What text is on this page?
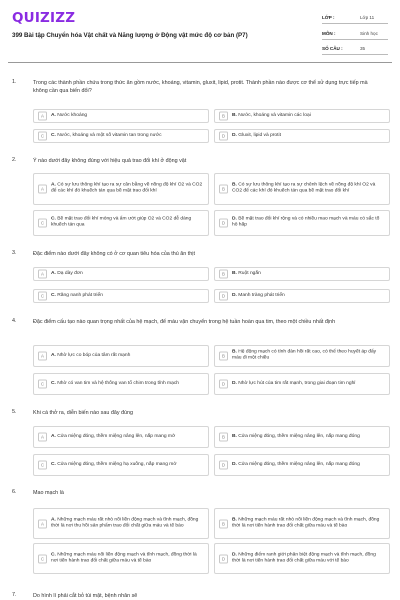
QUIZIZZ
399 Bài tập Chuyển hóa Vật chất và Năng lượng ở Động vật mức độ cơ bản (P7)
LỚP :	Lớp 11
MÔN :	Sinh học
SỐ CÂU :	35
1.	Trong các thành phần chứa trong thức ăn gồm nước, khoáng, vitamin, gluxit, lipid, protit. Thành phần nào được cơ thể sử dụng trực tiếp mà không cần qua biến đổi?
A	A. Nước khoáng	B	B. Nước, khoáng và vitamin các loại
C	C. Nước, khoáng và một số vitamin tan trong nước	D	D. Gluxit, lipid và protit
2.	Ý nào dưới đây không đúng với hiệu quả trao đổi khí ở động vật
A
A. Có sự lưu thông khí tạo ra sự cân bằng về nồng độ khí O2 và CO2 để các khí đó khuếch tán qua bề mặt trao đổi khí	B
B. Có sự lưu thông khí tạo ra sự chênh lệch về nồng độ khí O2 và CO2 để các khí đó khuếch tán qua bề mặt trao đổi khí
C
C. Bề mặt trao đổi khí mỏng và ẩm ướt giúp O2 và CO2 dễ dàng khuếch tán qua	D
D. Bề mặt trao đổi khí rộng và có nhiều mao mạch và máu có sắc tố hô hấp
3.	Đặc điểm nào dưới đây không có ở cơ quan tiêu hóa của thú ăn thịt
A	A. Dạ dày đơn	B	B. Ruột ngắn
C	C. Răng nanh phát triển	D	D. Manh tràng phát triển
4.	Đặc điểm cấu tạo nào quan trọng nhất của hệ mạch, để máu vận chuyển trong hệ tuần hoàn qua tim, theo một chiều nhất định
A	A. Nhờ lực co bóp của tâm rất mạnh	B
B. Hệ động mạch có tính đàn hồi rất cao, có thể theo huyết áp đẩy máu đi một chiều
C	C. Nhờ có van tim và hệ thống van tổ chim trong tĩnh mạch	D	D. Nhờ lực hút của tim rất mạnh, trong giai đoạn tim nghỉ
5.	Khi cá thở ra, diễn biến nào sau đây đúng
A	A. Cửa miệng đóng, thềm miệng nâng lên, nắp mang mở	B	B. Cửa miệng đóng, thềm miệng nâng lên, nắp mang đóng
C	C. Cửa miệng đóng, thềm miệng hạ xuống, nắp mang mở	D	D. Cửa miệng đóng, thềm miệng nâng lên, nắp mang đóng
6.	Mao mạch là
A
A. Những mạch máu rất nhỏ nối liền động mạch và tĩnh mạch, đồng thời là nơi thu hồi sản phẩm trao đổi chất giữa máu và tế bào	B
B. Những mạch máu rất nhỏ nối liền động mạch và tĩnh mạch, đồng thời là nơi tiến hành trao đổi chất giữa máu và tế bào
C
C. Những mạch máu nối liền động mạch và tĩnh mạch, đồng thời là nơi tiến hành trao đổi chất giữa máu và tế bào	D
D. Những điểm ranh giới phân biệt động mạch và tĩnh mạch, đồng thời là nơi tiến hành trao đổi chất giữa máu với tế bào
7.	Do hình lí phải cắt bỏ túi mật, bệnh nhân sẽ
